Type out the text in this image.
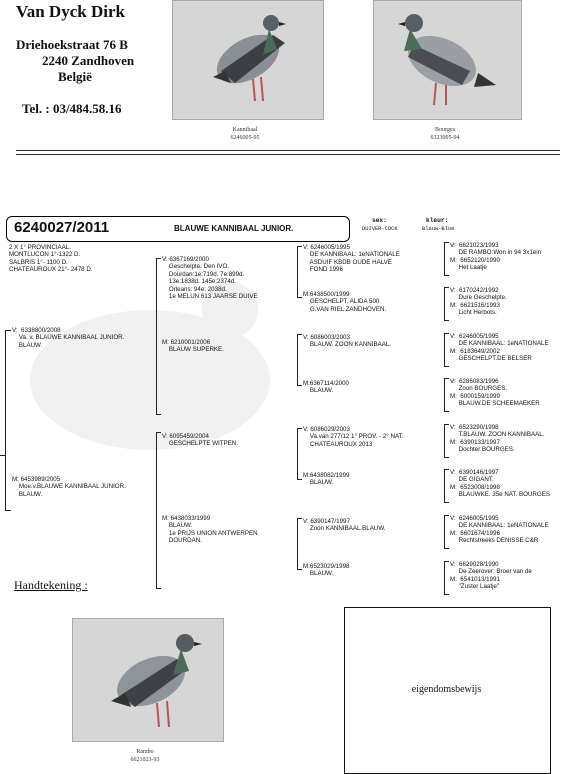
Van Dyck Dirk
Driehoekstraat 76 B
2240 Zandhoven
België
Tel. : 03/484.58.16
Kannibaal
6246005-95
Bourges
6323005-94
6240027/2011	BLAUWE KANNIBAAL JUNIOR.
sex:
DUIVER-COCK
kleur:
Blauw-Blue
2 X 1° PROVINCIAAL.
MONTLUCON 1°-1322 D.
SALBRIS 1°- 1100 D.
CHATEAUROUX 21°- 2478 D.
V:  6338800/2008
Va. v. BLAUWE KANNIBAAL JUNIOR.
BLAUW.
M: 6453989/2005
Moe.v.BLAUWE KANNIBAAL JUNIOR.
BLAUW.
V: 6367169/2000
Geschelpte. Den IVO.
Dourdan:1e:719d. 7e:899d.
13e:1838d. 145e:2374d.
Orleans: 94e: 2038d.
1e MELUN 613 JAARSE DUIVE
M: 6210001/2006
BLAUW SUPERKE.
V: 6095459/2004
GESCHELPTE WITPEN.
M: 6438033/1999
BLAUW.
1e PRIJS UNION ANTWERPEN
DOURDAN.
V: 6246005/1995
DE KANNIBAAL: 1eNATIONALE
ASDUIF KBDB OUDE HALVE
FOND 1996
M:6438500/1999
GESCHELPT. ALIDA 500
G.VAN RIEL ZANDHOVEN.
V: 6086003/2003
BLAUW. ZOON KANNIBAAL.
M:6367114/2000
BLAUW.
V: 6086029/2003
Va.van 277/12 1° PROV. - 2° NAT.
CHATEAUROUX 2013
M:6438082/1999
BLAUW.
V: 6390147/1997
Zoon KANNIBAAL.BLAUW.
M:6523029/1998
BLAUW.
V:  6621023/1993
DE RAMBO:Won in 94 3x1ein
M:  6652120/1990
Het Laatje
V:  6170242/1992
Dure Geschelpte.
M:  6621516/1993
Licht Herbots.
V:  6246005/1995
DE KANNIBAAL: 1eNATIONALE
M:  6183649/2002
GESCHELPT.DE BELSER
V:  6286083/1996
Zoon BOURGES.
M:  6000159/1999
BLAUW.DE SCHEEMAEKER
V:  6523290/1998
T.BLAUW. ZOON KANNIBAAL.
M:  6390133/1997
Dochter BOURGES.
V:  6390146/1997
DE GIGANT.
M:  6523008/1998
BLAUWKE. 35e NAT. BOURGES
V:  6246005/1995
DE KANNIBAAL: 1eNATIONALE
M:  6601674/1996
Rechtstreeks DENISSE C&R
V:  6629028/1990
De Zeerover: Broer van de
M:  6541013/1991
"Zuster Laatje"
Handtekening :
Rambo
6621023-93
eigendomsbewijs
